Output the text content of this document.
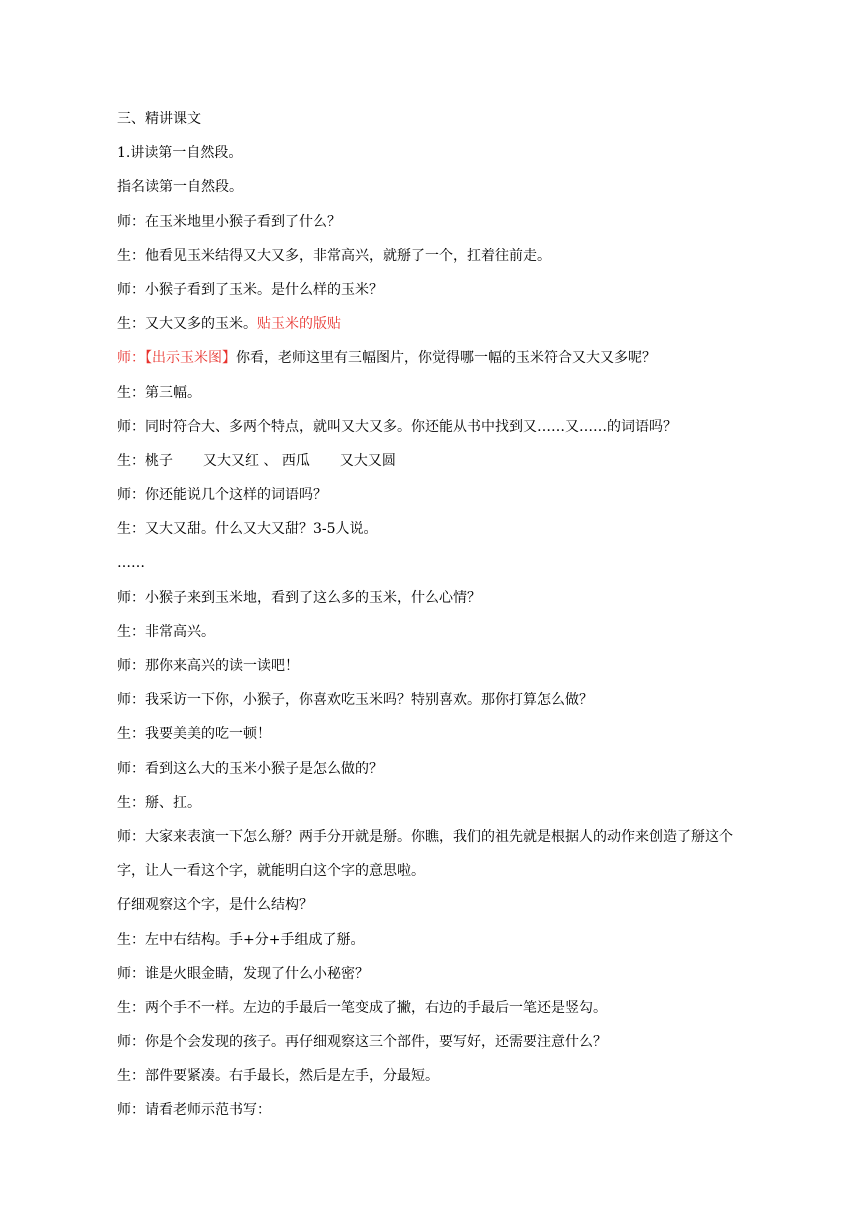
三、精讲课文
1.讲读第一自然段。
指名读第一自然段。
师：在玉米地里小猴子看到了什么？
生：他看见玉米结得又大又多，非常高兴，就掰了一个，扛着往前走。
师：小猴子看到了玉米。是什么样的玉米？
生：又大又多的玉米。贴玉米的版贴
师：【出示玉米图】你看，老师这里有三幅图片，你觉得哪一幅的玉米符合又大又多呢？
生：第三幅。
师：同时符合大、多两个特点，就叫又大又多。你还能从书中找到又……又……的词语吗？
生：桃子 又大又红 、 西瓜 又大又圆
师：你还能说几个这样的词语吗？
生：又大又甜。什么又大又甜？3-5人说。
……
师：小猴子来到玉米地，看到了这么多的玉米，什么心情？
生：非常高兴。
师：那你来高兴的读一读吧！
师：我采访一下你，小猴子，你喜欢吃玉米吗？特别喜欢。那你打算怎么做？
生：我要美美的吃一顿！
师：看到这么大的玉米小猴子是怎么做的？
生：掰、扛。
师：大家来表演一下怎么掰？两手分开就是掰。你瞧，我们的祖先就是根据人的动作来创造了掰这个字，让人一看这个字，就能明白这个字的意思啦。
仔细观察这个字，是什么结构？
生：左中右结构。手+分+手组成了掰。
师：谁是火眼金睛，发现了什么小秘密？
生：两个手不一样。左边的手最后一笔变成了撇，右边的手最后一笔还是竖勾。
师：你是个会发现的孩子。再仔细观察这三个部件，要写好，还需要注意什么？
生：部件要紧凑。右手最长，然后是左手，分最短。
师：请看老师示范书写：
